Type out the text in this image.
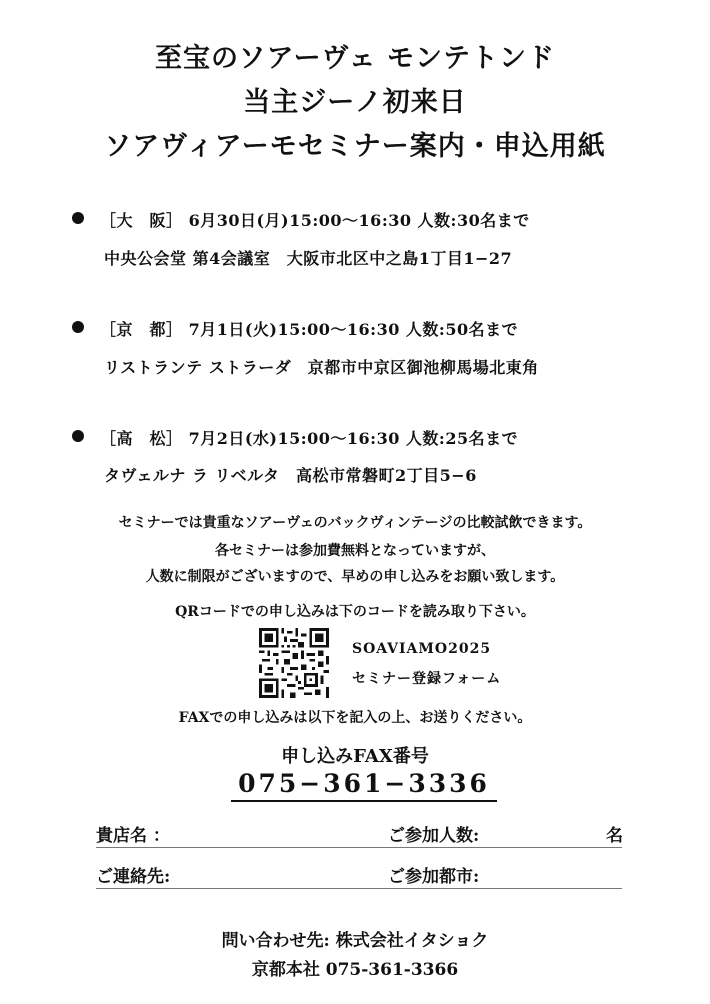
至宝のソアーヴェ モンテトンド
当主ジーノ初来日
ソアヴィアーモセミナー案内・申込用紙
［大　阪］ 6月30日(月)15:00～16:30 人数:30名まで
中央公会堂 第4会議室　大阪市北区中之島1丁目1−27
［京　都］ 7月1日(火)15:00～16:30 人数:50名まで
リストランテ ストラーダ　京都市中京区御池柳馬場北東角
［高　松］ 7月2日(水)15:00～16:30 人数:25名まで
タヴェルナ ラ リベルタ　高松市常磐町2丁目5−6
セミナーでは貴重なソアーヴェのバックヴィンテージの比較試飲できます。
各セミナーは参加費無料となっていますが、
人数に制限がございますので、早めの申し込みをお願い致します。
QRコードでの申し込みは下のコードを読み取り下さい。
SOAVIAMO2025
セミナー登録フォーム
FAXでの申し込みは以下を記入の上、お送りください。
申し込みFAX番号
075−361−3336
貴店名 ：	ご参加人数:	名
ご連絡先:	ご参加都市:
問い合わせ先: 株式会社イタショク
京都本社 075-361-3366
